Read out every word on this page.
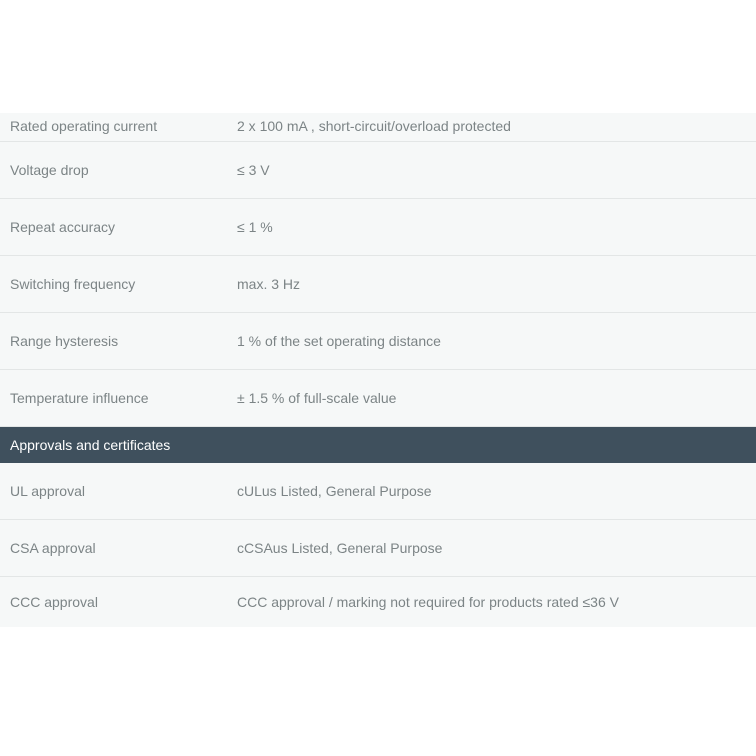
Rated operating current	2 x 100 mA , short-circuit/overload protected
Voltage drop	≤ 3 V
Repeat accuracy	≤ 1 %
Switching frequency	max. 3 Hz
Range hysteresis	1 % of the set operating distance
Temperature influence	± 1.5 % of full-scale value
Approvals and certificates
UL approval	cULus Listed, General Purpose
CSA approval	cCSAus Listed, General Purpose
CCC approval	CCC approval / marking not required for products rated ≤36 V
